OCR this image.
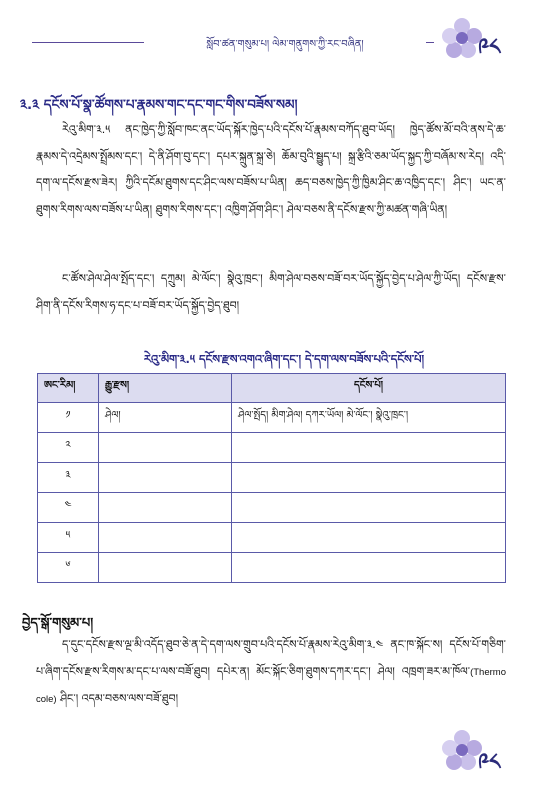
སློབ་ཚན་གསུམ་པ། ལེམ་གནུགས་ཀྱི་རང་བཞིན།	༩༨
༣.༣ དངོས་པོ་སྣ་ཚོགས་པ་རྣམས་གང་དང་གང་གིས་བཟོས་སམ།

རེའུ་མིག་༣.༥ ནང་ཁྱེད་ཀྱི་སློབ་ཁང་ནང་ཡོད་སྐོར་ཁྱེད་པའི་དངོས་པོ་རྣམས་བཀོད་ཐུབ་ཡོད། ཁྱེད་ཚོས་མོ་བའི་ནས་དེ་ཆ་རྣམས་དེ་འདྲེམས་སྤྲོམས་དང་། དེ་ནི་ཤོག་བུ་དང་། དཔར་སྐྲུན་སྐྲ་ཅེ། ཆོམ་བུའི་སྦྱུད་པ། སྐྲ་རྩིའི་ཅམ་ཡོད་སྐྱད་ཀྱི་བཞོམ་ས་རེད། འདི་དག་ལ་དངོས་རྫས་ཟེར། ཀྱིའི་དངོམ་ཐུགས་དང་ཤིང་ལས་བཟོས་པ་ཡིན། ཆད་བཅས་ཁྱེད་ཀྱི་ཁྱིམ་ཤིང་ཆ་འཁྱིད་དང་། ཤིང་། ཡང་ན་ཐུགས་རིགས་ལས་བཟོས་པ་ཡིན། ཐུགས་རིགས་དང་། འཁྱིག་ཤོག་ཤིང་། ཤེལ་བཅས་ནི་དངོས་རྫས་ཀྱི་མཚན་གཞི་ཡིན།

ང་ཚོས་ཤེལ་ཤེལ་སྤོད་དང་། དཀྲུམ། མེ་ལོང་། སྣེའུ་ཁྲང་། མིག་ཤེལ་བཅས་བཟོ་བར་ཡོད་སྐྱོད་བྱེད་པ་ཤེལ་ཀྱི་ཡོད། དངོས་རྫས་ཤིག་ནི་དངོས་རིགས་ཧ་དང་པ་བཟོ་བར་ཡོད་སྐྱོད་བྱེད་ཐུབ།

རེའུ་མིག་༣.༥ དངོས་རྫས་འགའ་ཞིག་དང་། དེ་དག་ལས་བཟོས་པའི་དངོས་པོ།
ཨང་རིམ།	རྒྱུ་རྫས།	དངོས་པོ།
༡	ཤེལ།	ཤེལ་སྤོད། མིག་ཤེལ། དཀར་ཡོལ། མེ་ལོང་། སྣེའུ་ཁྲང་།
༢		
༣		
༤		
༥		
༦		
བྱེད་སྒོ་གསུམ་པ།

ད་དུང་དངོས་རྫས་ལྔ་མི་འདོད་ཐུབ་ཅེ་ན་དེ་དག་ལས་གྲུབ་པའི་དངོས་པོ་རྣམས་རེའུ་མིག་༣.༤ ནང་ཁ་སྐོང་ས། དངོས་པོ་གཅིག་པ་ཞིག་དངོས་རྫས་རིགས་མ་དང་པ་ལས་བཟོ་ཐུབ། དཔེར་ན། མོང་སྐོང་ཅིག་ཐུགས་དཀར་དང་། ཤེལ། འཁྲག་ཟར་མ་ཁོལ་(Thermo cole) ཤིང་། འདམ་བཅས་ལས་བཟོ་ཐུབ།

༩༨
